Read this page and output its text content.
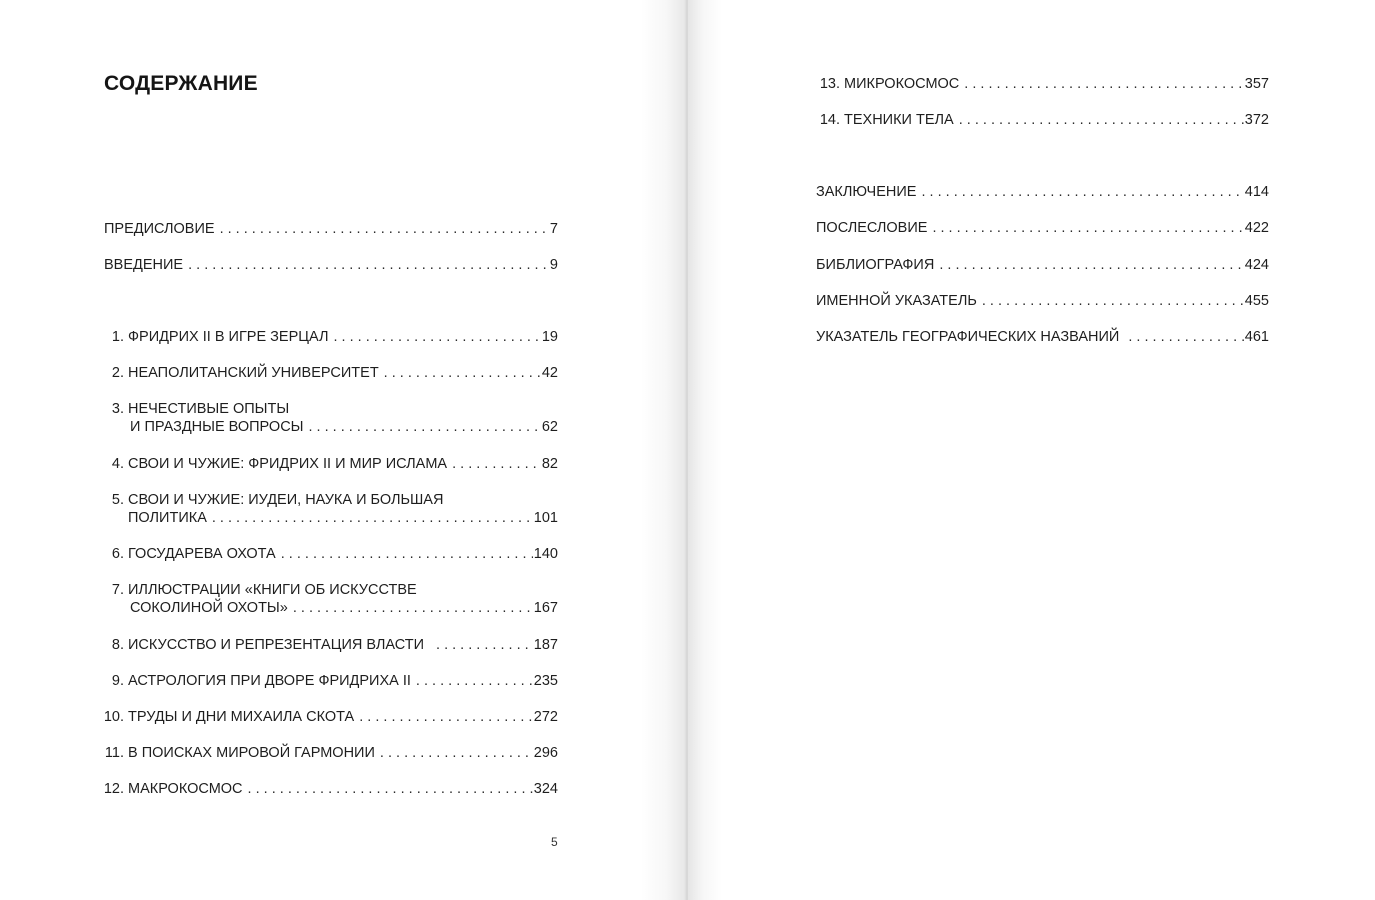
СОДЕРЖАНИЕ
ПРЕДИСЛОВИЕ . . .	7
ВВЕДЕНИЕ . . .	9
1. ФРИДРИХ II В ИГРЕ ЗЕРЦАЛ . . .	19
2. НЕАПОЛИТАНСКИЙ УНИВЕРСИТЕТ . . .	42
3. НЕЧЕСТИВЫЕ ОПЫТЫ
И ПРАЗДНЫЕ ВОПРОСЫ . . .	62
4. СВОИ И ЧУЖИЕ: ФРИДРИХ II И МИР ИСЛАМА . . .	82
5. СВОИ И ЧУЖИЕ: ИУДЕИ, НАУКА И БОЛЬШАЯ
ПОЛИТИКА . . .	101
6. ГОСУДАРЕВА ОХОТА . . .	140
7. ИЛЛЮСТРАЦИИ «КНИГИ ОБ ИСКУССТВЕ
СОКОЛИНОЙ ОХОТЫ» . . .	167
8. ИСКУССТВО И РЕПРЕЗЕНТАЦИЯ ВЛАСТИ . . .	187
9. АСТРОЛОГИЯ ПРИ ДВОРЕ ФРИДРИХА II . . .	235
10. ТРУДЫ И ДНИ МИХАИЛА СКОТА . . .	272
11. В ПОИСКАХ МИРОВОЙ ГАРМОНИИ . . .	296
12. МАКРОКОСМОС . . .	324
5
13. МИКРОКОСМОС . . .	357
14. ТЕХНИКИ ТЕЛА . . .	372
ЗАКЛЮЧЕНИЕ . . .	414
ПОСЛЕСЛОВИЕ . . .	422
БИБЛИОГРАФИЯ . . .	424
ИМЕННОЙ УКАЗАТЕЛЬ . . .	455
УКАЗАТЕЛЬ ГЕОГРАФИЧЕСКИХ НАЗВАНИЙ . . .	461
